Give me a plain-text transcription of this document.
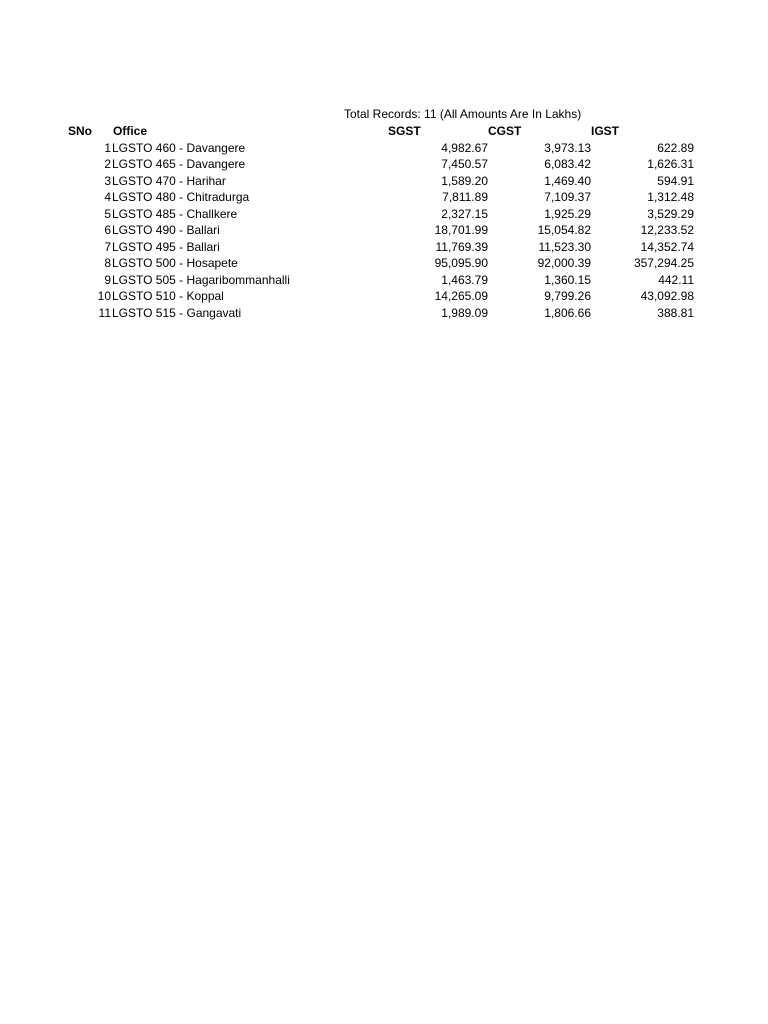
Total Records: 11 (All Amounts Are In Lakhs)
SNo	Office	SGST	CGST	IGST
1	LGSTO 460 - Davangere	4,982.67	3,973.13	622.89
2	LGSTO 465 - Davangere	7,450.57	6,083.42	1,626.31
3	LGSTO 470 - Harihar	1,589.20	1,469.40	594.91
4	LGSTO 480 - Chitradurga	7,811.89	7,109.37	1,312.48
5	LGSTO 485 - Challkere	2,327.15	1,925.29	3,529.29
6	LGSTO 490 - Ballari	18,701.99	15,054.82	12,233.52
7	LGSTO 495 - Ballari	11,769.39	11,523.30	14,352.74
8	LGSTO 500 - Hosapete	95,095.90	92,000.39	357,294.25
9	LGSTO 505 - Hagaribommanhalli	1,463.79	1,360.15	442.11
10	LGSTO 510 - Koppal	14,265.09	9,799.26	43,092.98
11	LGSTO 515 - Gangavati	1,989.09	1,806.66	388.81
